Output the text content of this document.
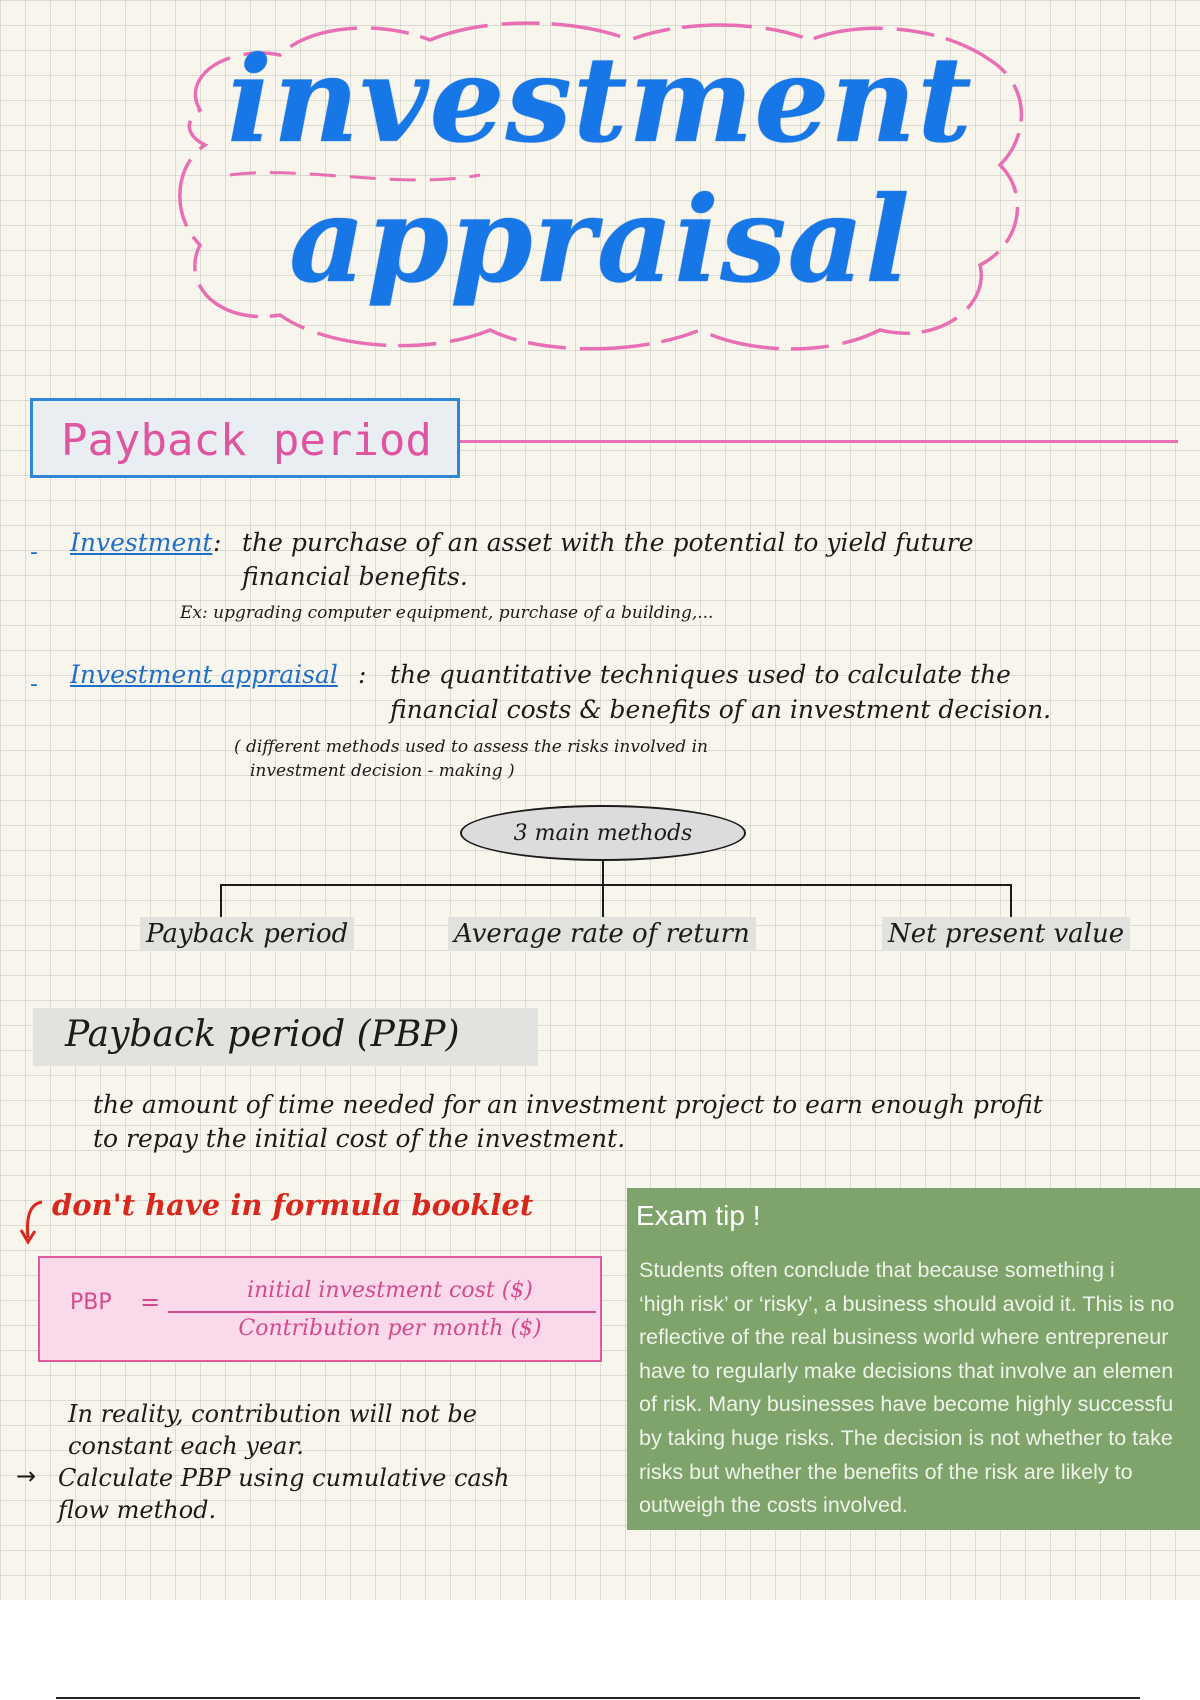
investment
appraisal
Payback period
- Investment : the purchase of an asset with the potential to yield future
financial benefits.
Ex: upgrading computer equipment, purchase of a building,...
- Investment appraisal : the quantitative techniques used to calculate the
financial costs & benefits of an investment decision.
( different methods used to assess the risks involved in
investment decision - making )
3 main methods
Payback period	Average rate of return	Net present value
Payback period (PBP)
the amount of time needed for an investment project to earn enough profit
to repay the initial cost of the investment.
don't have in formula booklet
PBP =	initial investment cost ($)
Contribution per month ($)
In reality, contribution will not be
constant each year.
→ Calculate PBP using cumulative cash
flow method.
Exam tip !
Students often conclude that because something i
‘high risk’ or ‘risky’, a business should avoid it. This is no
reflective of the real business world where entrepreneur
have to regularly make decisions that involve an elemen
of risk. Many businesses have become highly successfu
by taking huge risks. The decision is not whether to take
risks but whether the benefits of the risk are likely to
outweigh the costs involved.
